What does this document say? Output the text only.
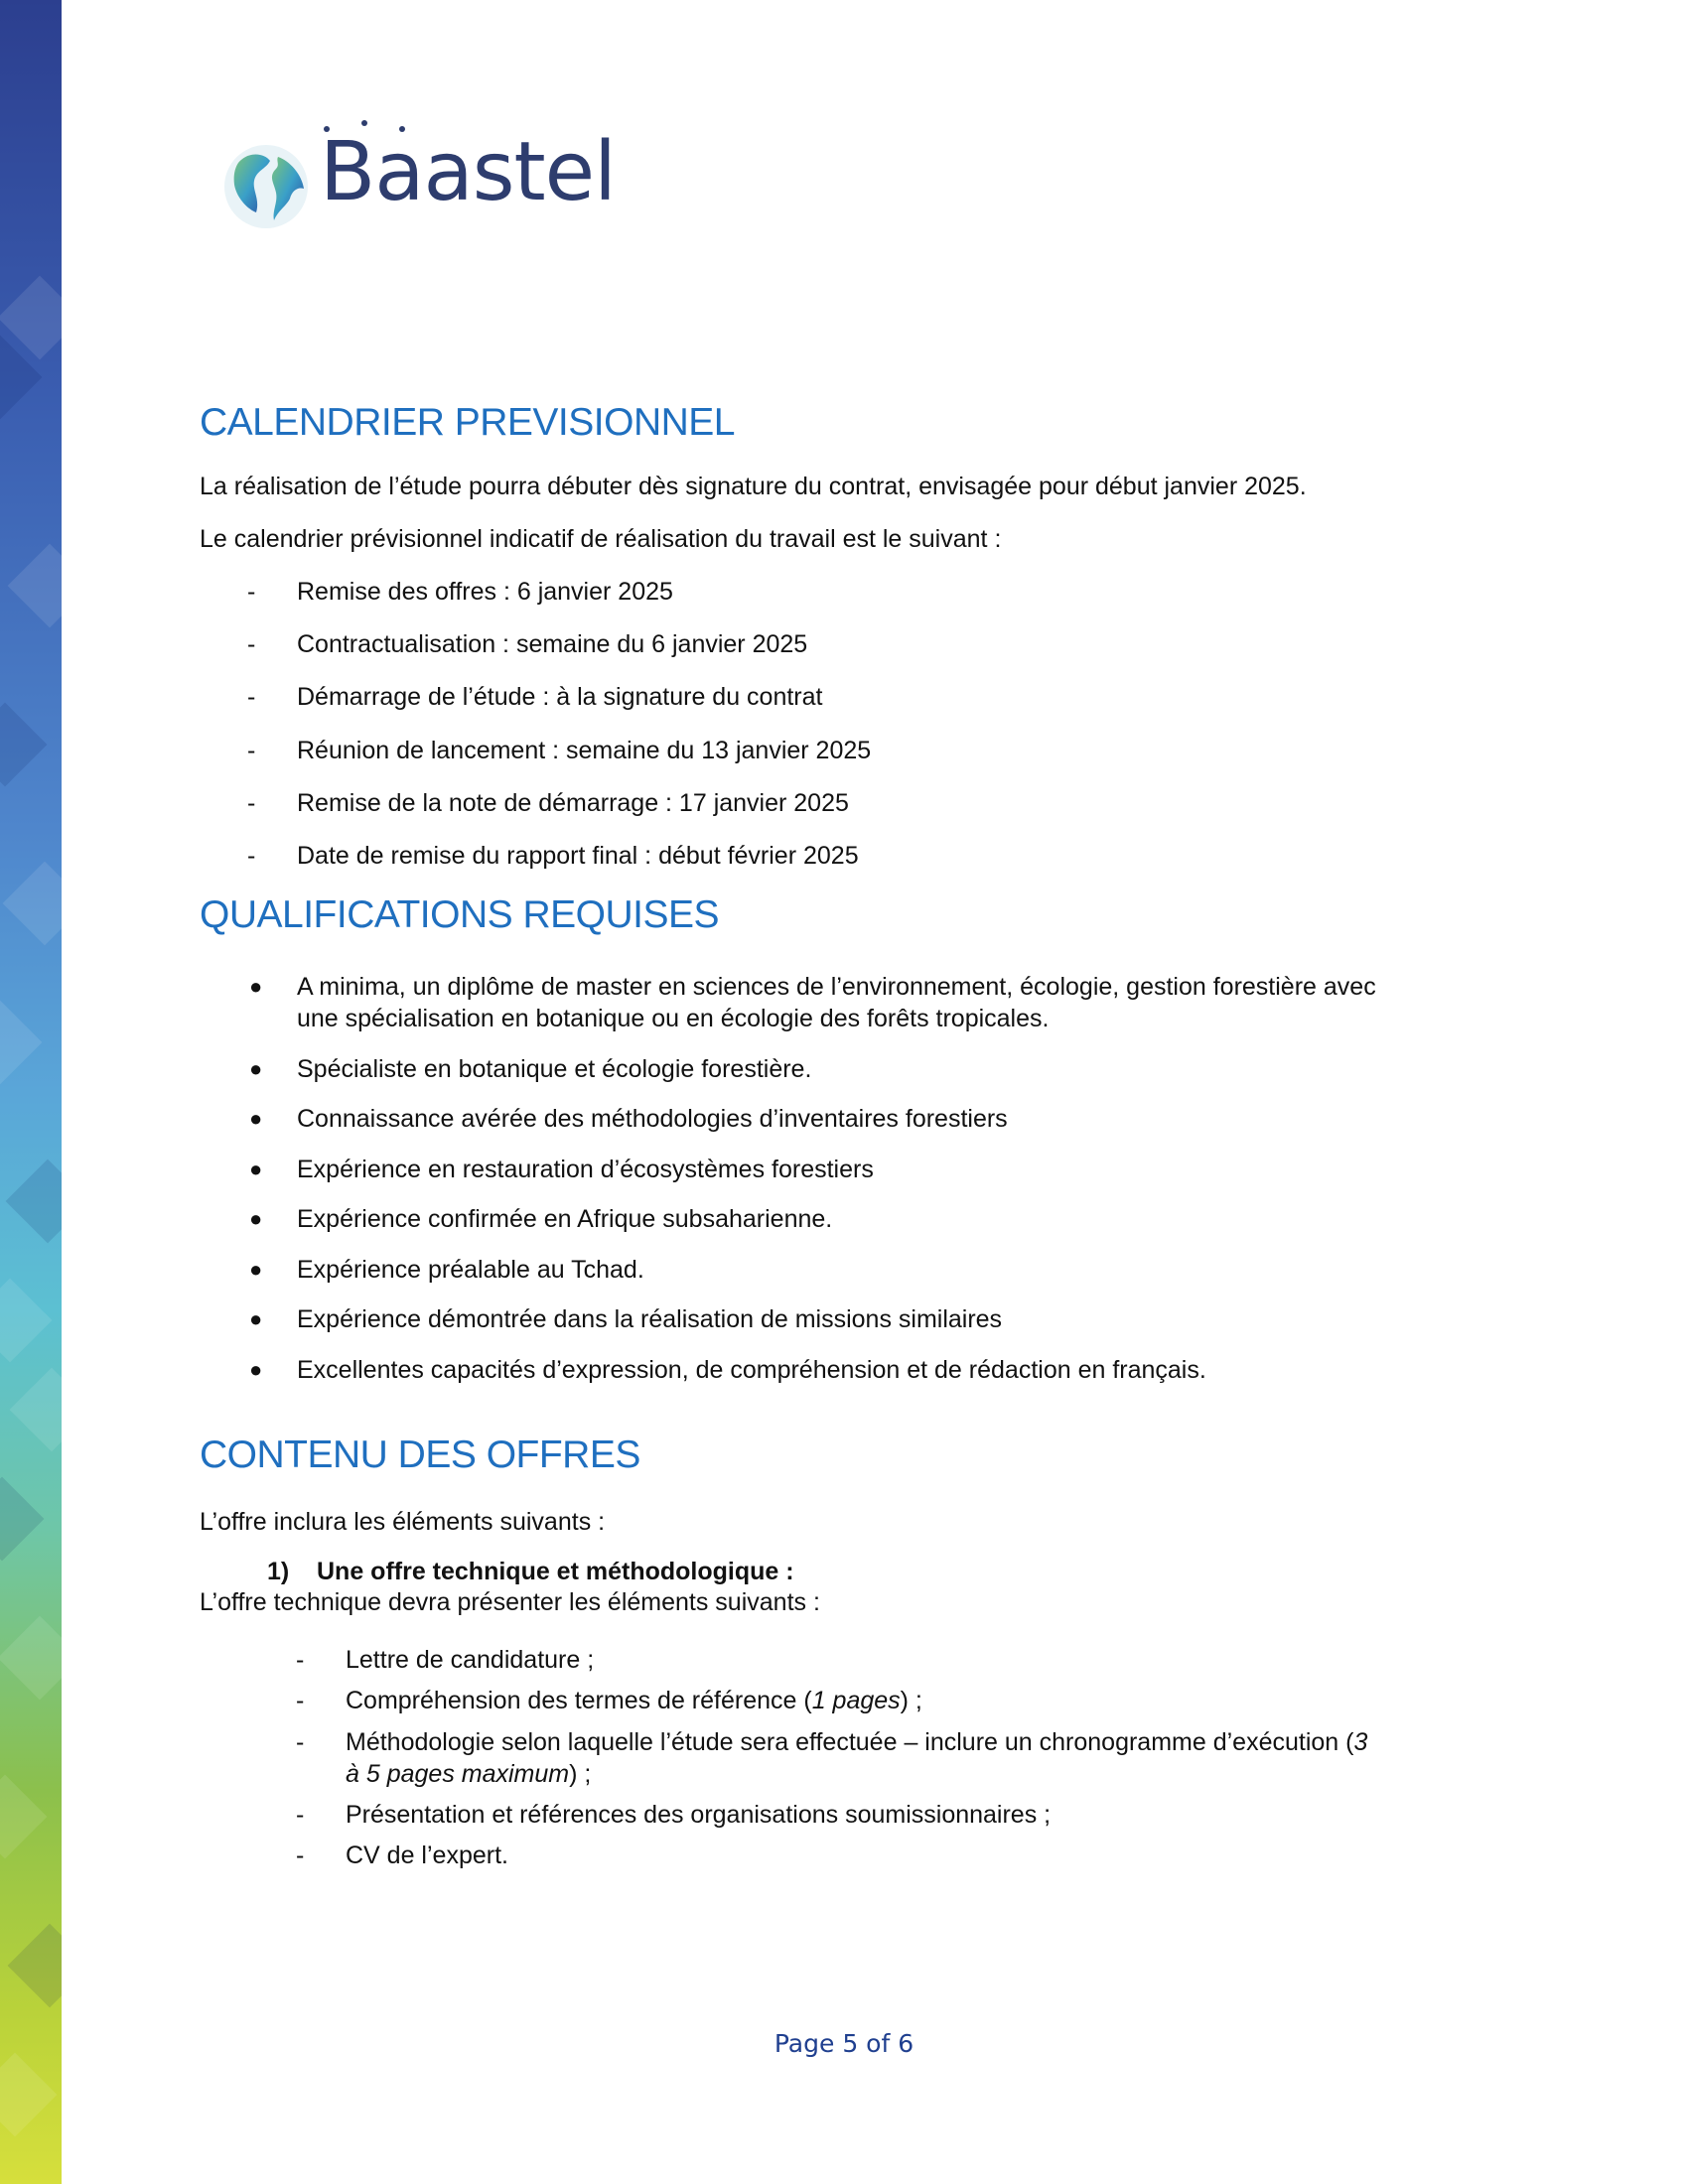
Baastel
CALENDRIER PREVISIONNEL

La réalisation de l’étude pourra débuter dès signature du contrat, envisagée pour début janvier 2025.

Le calendrier prévisionnel indicatif de réalisation du travail est le suivant :

- Remise des offres : 6 janvier 2025
- Contractualisation : semaine du 6 janvier 2025
- Démarrage de l’étude : à la signature du contrat
- Réunion de lancement : semaine du 13 janvier 2025
- Remise de la note de démarrage : 17 janvier 2025
- Date de remise du rapport final : début février 2025
QUALIFICATIONS REQUISES
● A minima, un diplôme de master en sciences de l’environnement, écologie, gestion forestière avec une spécialisation en botanique ou en écologie des forêts tropicales.
● Spécialiste en botanique et écologie forestière.
● Connaissance avérée des méthodologies d’inventaires forestiers
● Expérience en restauration d’écosystèmes forestiers
● Expérience confirmée en Afrique subsaharienne.
● Expérience préalable au Tchad.
● Expérience démontrée dans la réalisation de missions similaires
● Excellentes capacités d’expression, de compréhension et de rédaction en français.
CONTENU DES OFFRES

L’offre inclura les éléments suivants :

1) Une offre technique et méthodologique :

L’offre technique devra présenter les éléments suivants :

- Lettre de candidature ;
- Compréhension des termes de référence (1 pages) ;
- Méthodologie selon laquelle l’étude sera effectuée – inclure un chronogramme d’exécution (3 à 5 pages maximum) ;
- Présentation et références des organisations soumissionnaires ;
- CV de l’expert.
Page 5 of 6
